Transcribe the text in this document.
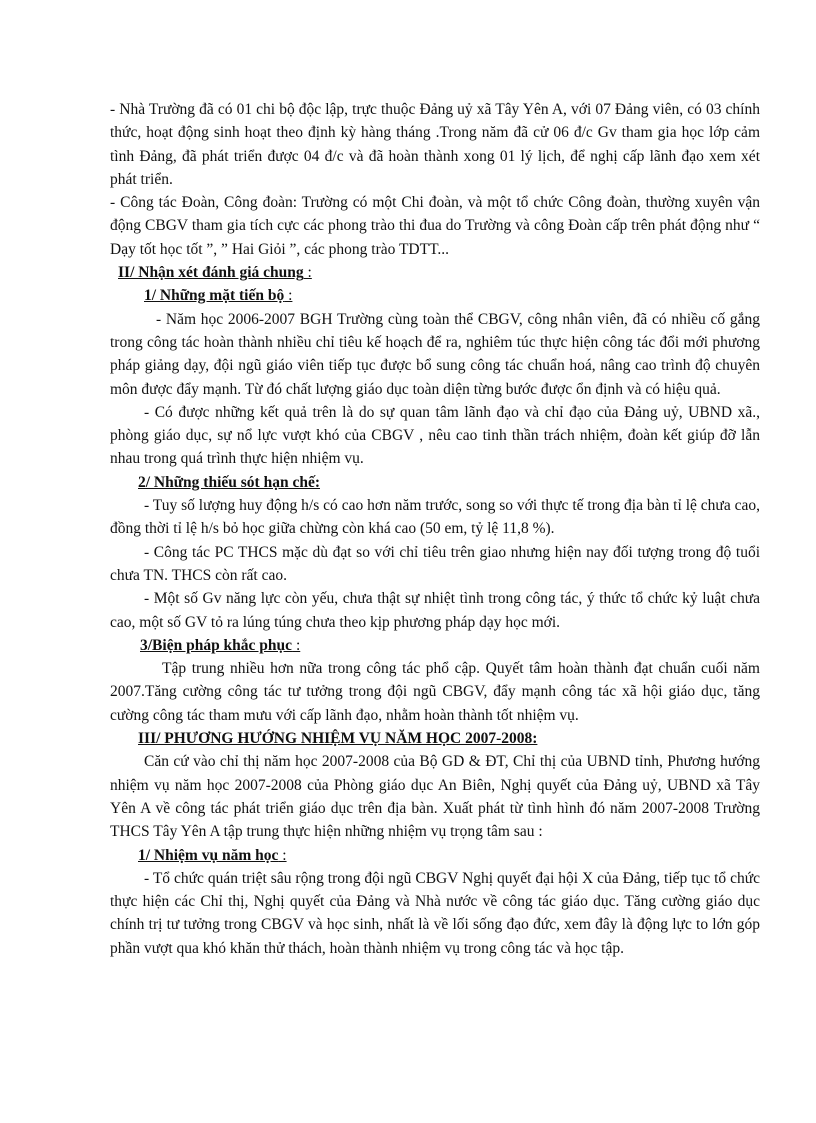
- Nhà Trường đã có 01 chi bộ độc lập, trực thuộc Đảng uỷ xã Tây Yên A, với 07 Đảng viên, có 03 chính thức, hoạt động sinh hoạt theo định kỳ hàng tháng .Trong năm đã cử 06 đ/c Gv tham gia học lớp cảm tình Đảng, đã phát triển được 04 đ/c và đã hoàn thành xong 01 lý lịch, để nghị cấp lãnh đạo xem xét phát triển.

- Công tác Đoàn, Công đoàn: Trường có một Chi đoàn, và một tổ chức Công đoàn, thường xuyên vận động CBGV tham gia tích cực các phong trào thi đua do Trường và công Đoàn cấp trên phát động như “ Dạy tốt học tốt ”, ” Hai Giỏi ”, các phong trào TDTT...

II/ Nhận xét đánh giá chung :

1/ Những mặt tiến bộ :

- Năm học 2006-2007 BGH Trường cùng toàn thể CBGV, công nhân viên, đã có nhiều cố gắng trong công tác hoàn thành nhiều chỉ tiêu kế hoạch để ra, nghiêm túc thực hiện công tác đổi mới phương pháp giảng dạy, đội ngũ giáo viên tiếp tục được bổ sung công tác chuẩn hoá, nâng cao trình độ chuyên môn được đẩy mạnh. Từ đó chất lượng giáo dục toàn diện từng bước được ổn định và có hiệu quả.

- Có được những kết quả trên là do sự quan tâm lãnh đạo và chỉ đạo của Đảng uỷ, UBND xã., phòng giáo dục, sự nổ lực vượt khó của CBGV , nêu cao tinh thần trách nhiệm, đoàn kết giúp đỡ lẫn nhau trong quá trình thực hiện nhiệm vụ.

2/ Những thiếu sót hạn chế:

- Tuy số lượng huy động h/s có cao hơn năm trước, song so với thực tế trong địa bàn tỉ lệ chưa cao, đồng thời tỉ lệ h/s bỏ học giữa chừng còn khá cao (50 em, tỷ lệ 11,8 %).

- Công tác PC THCS mặc dù đạt so với chỉ tiêu trên giao nhưng hiện nay đối tượng trong độ tuổi chưa TN. THCS còn rất cao.

- Một số Gv năng lực còn yếu, chưa thật sự nhiệt tình trong công tác, ý thức tổ chức kỷ luật chưa cao, một số GV tỏ ra lúng túng chưa theo kịp phương pháp dạy học mới.

3/Biện pháp khắc phục :

Tập trung nhiều hơn nữa trong công tác phổ cập. Quyết tâm hoàn thành đạt chuẩn cuối năm 2007.Tăng cường công tác tư tưởng trong đội ngũ CBGV, đẩy mạnh công tác xã hội giáo dục, tăng cường công tác tham mưu với cấp lãnh đạo, nhằm hoàn thành tốt nhiệm vụ.

III/ PHƯƠNG HƯỚNG NHIỆM VỤ NĂM HỌC 2007-2008:

Căn cứ vào chỉ thị năm học 2007-2008 của Bộ GD & ĐT, Chỉ thị của UBND tỉnh, Phương hướng nhiệm vụ năm học 2007-2008 của Phòng giáo dục An Biên, Nghị quyết của Đảng uỷ, UBND xã Tây Yên A về công tác phát triển giáo dục trên địa bàn. Xuất phát từ tình hình đó năm 2007-2008 Trường THCS Tây Yên A tập trung thực hiện những nhiệm vụ trọng tâm sau :

1/ Nhiệm vụ năm học :

- Tổ chức quán triệt sâu rộng trong đội ngũ CBGV Nghị quyết đại hội X của Đảng, tiếp tục tổ chức thực hiện các Chỉ thị, Nghị quyết của Đảng và Nhà nước về công tác giáo dục. Tăng cường giáo dục chính trị tư tưởng trong CBGV và học sinh, nhất là về lối sống đạo đức, xem đây là động lực to lớn góp phần vượt qua khó khăn thử thách, hoàn thành nhiệm vụ trong công tác và học tập.
